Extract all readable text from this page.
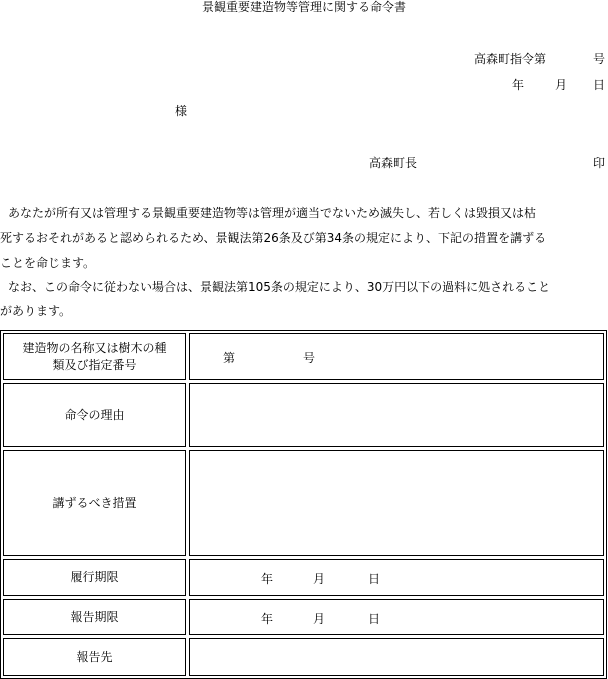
景観重要建造物等管理に関する命令書
高森町指令第	号
年	月 日
様
高森町長	印
あなたが所有又は管理する景観重要建造物等は管理が適当でないため滅失し、若しくは毀損又は枯
死するおそれがあると認められるため、景観法第26条及び第34条の規定により、下記の措置を講ずる
ことを命じます。
なお、この命令に従わない場合は、景観法第105条の規定により、30万円以下の過料に処されること
があります。
建造物の名称又は樹木の種
類及び指定番号	第	号
命令の理由
講ずるべき措置
履行期限	年	月	日
報告期限	年	月	日
報告先
